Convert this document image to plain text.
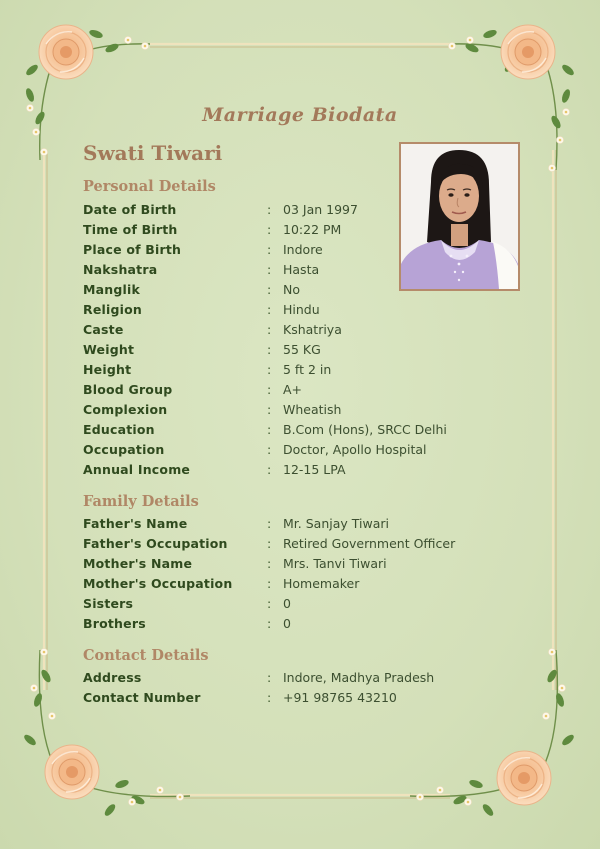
Marriage Biodata
Swati Tiwari
Personal Details
Date of Birth	: 03 Jan 1997
Time of Birth	: 10:22 PM
Place of Birth	: Indore
Nakshatra	: Hasta
Manglik	: No
Religion	: Hindu
Caste	: Kshatriya
Weight	: 55 KG
Height	: 5 ft 2 in
Blood Group	: A+
Complexion	: Wheatish
Education	: B.Com (Hons), SRCC Delhi
Occupation	: Doctor, Apollo Hospital
Annual Income	: 12-15 LPA
Family Details
Father's Name	: Mr. Sanjay Tiwari
Father's Occupation	: Retired Government Officer
Mother's Name	: Mrs. Tanvi Tiwari
Mother's Occupation	: Homemaker
Sisters	: 0
Brothers	: 0
Contact Details
Address	: Indore, Madhya Pradesh
Contact Number	: +91 98765 43210
